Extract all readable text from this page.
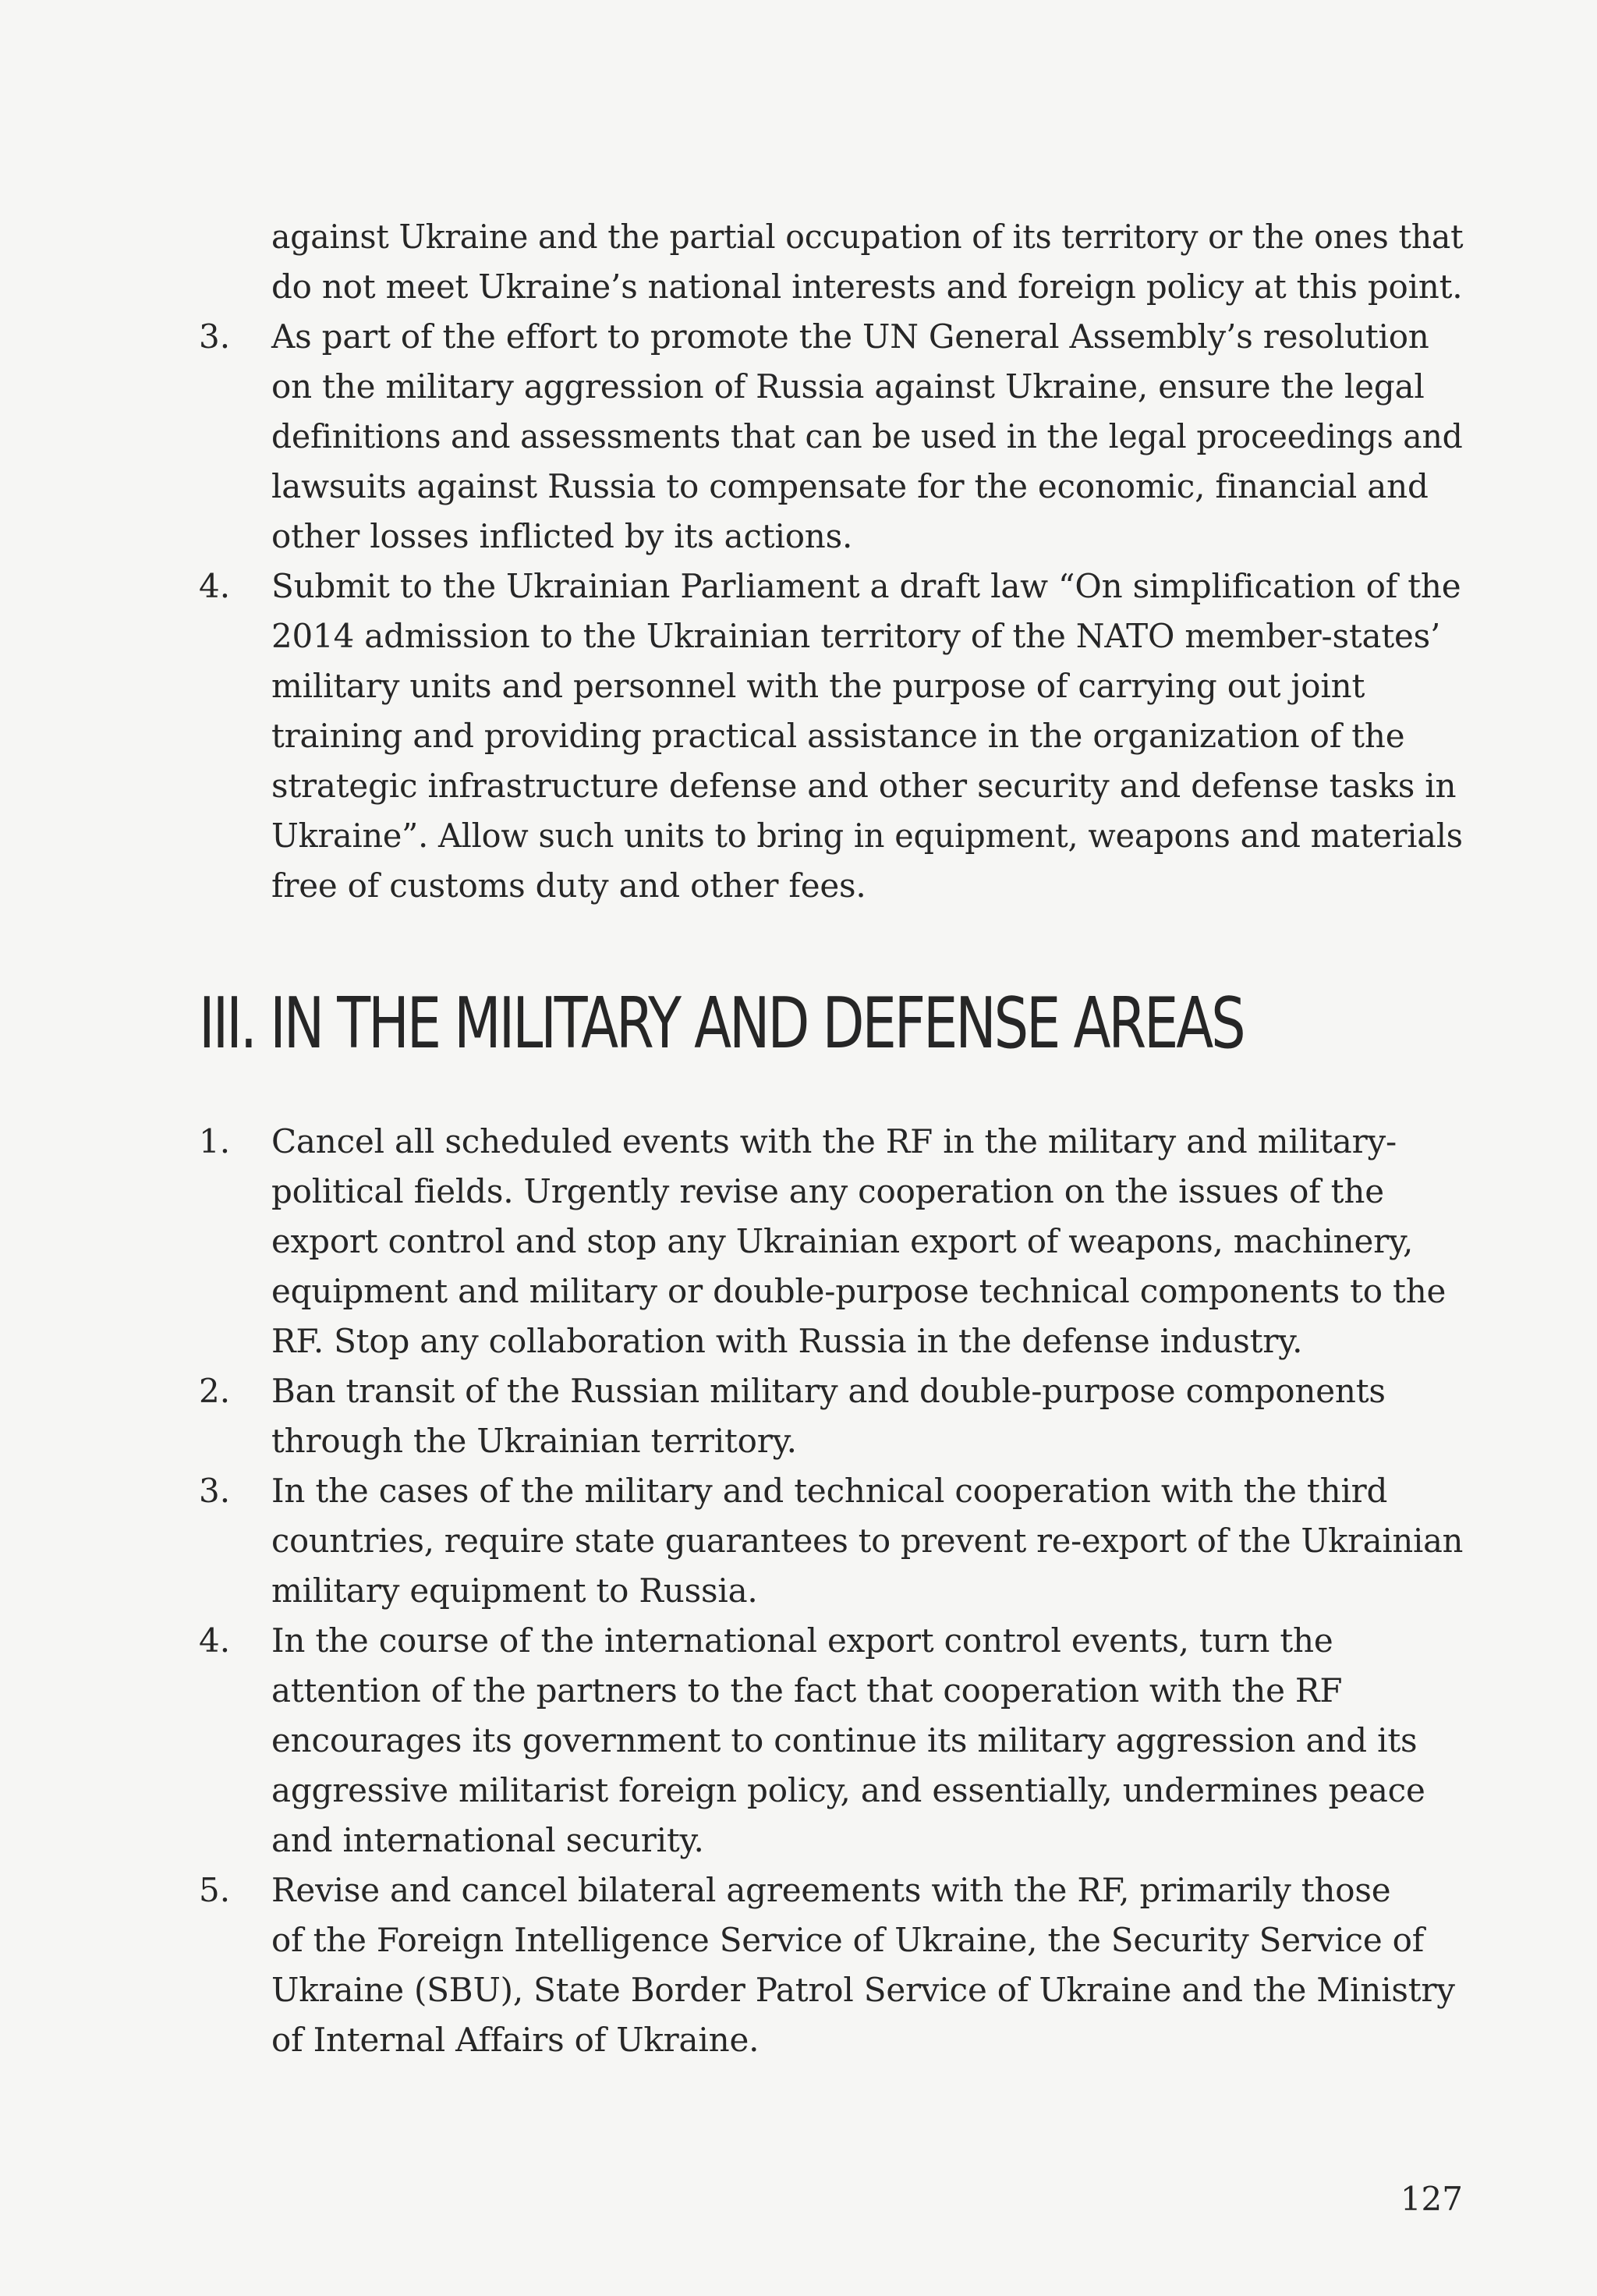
against Ukraine and the partial occupation of its territory or the ones that
do not meet Ukraine’s national interests and foreign policy at this point.
3. As part of the effort to promote the UN General Assembly’s resolution
on the military aggression of Russia against Ukraine, ensure the legal
definitions and assessments that can be used in the legal proceedings and
lawsuits against Russia to compensate for the economic, financial and
other losses inflicted by its actions.
4. Submit to the Ukrainian Parliament a draft law “On simplification of the
2014 admission to the Ukrainian territory of the NATO member-states’
military units and personnel with the purpose of carrying out joint
training and providing practical assistance in the organization of the
strategic infrastructure defense and other security and defense tasks in
Ukraine”. Allow such units to bring in equipment, weapons and materials
free of customs duty and other fees.
III. IN THE MILITARY AND DEFENSE AREAS
1. Cancel all scheduled events with the RF in the military and military-
political fields. Urgently revise any cooperation on the issues of the
export control and stop any Ukrainian export of weapons, machinery,
equipment and military or double-purpose technical components to the
RF. Stop any collaboration with Russia in the defense industry.
2. Ban transit of the Russian military and double-purpose components
through the Ukrainian territory.
3. In the cases of the military and technical cooperation with the third
countries, require state guarantees to prevent re-export of the Ukrainian
military equipment to Russia.
4. In the course of the international export control events, turn the
attention of the partners to the fact that cooperation with the RF
encourages its government to continue its military aggression and its
aggressive militarist foreign policy, and essentially, undermines peace
and international security.
5. Revise and cancel bilateral agreements with the RF, primarily those
of the Foreign Intelligence Service of Ukraine, the Security Service of
Ukraine (SBU), State Border Patrol Service of Ukraine and the Ministry
of Internal Affairs of Ukraine.
127
